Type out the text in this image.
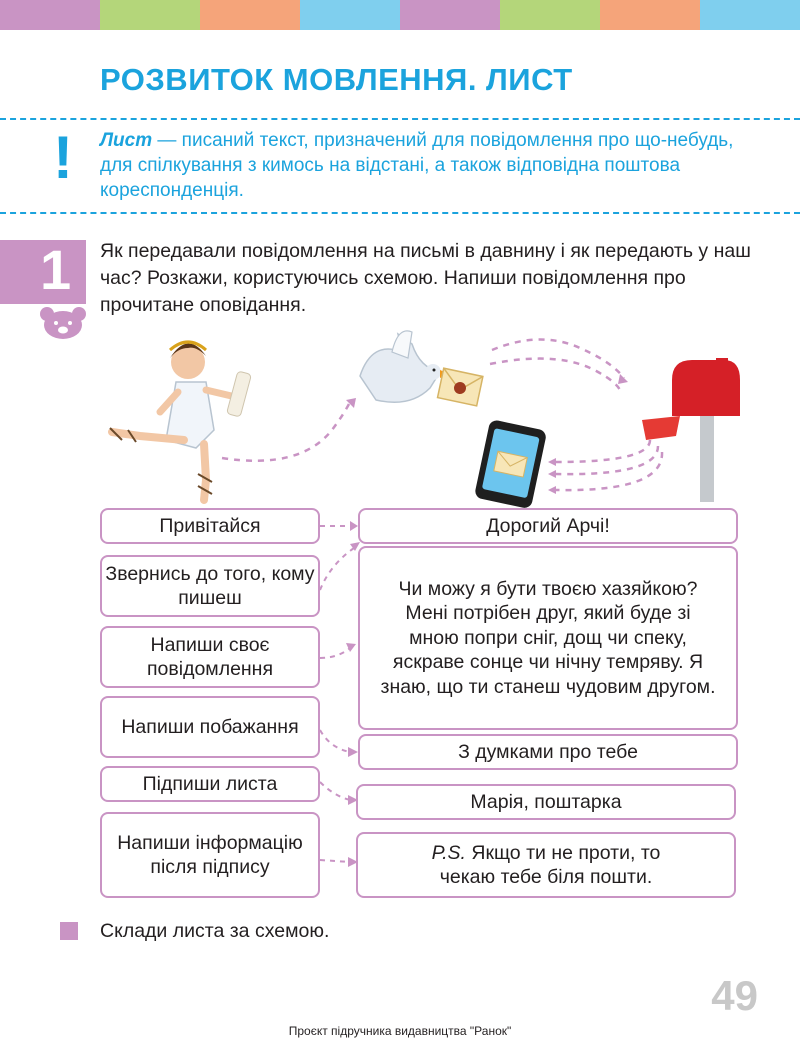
РОЗВИТОК МОВЛЕННЯ. ЛИСТ
! Лист — писаний текст, призначений для повідомлення про що-небудь, для спілкування з кимось на відстані, а також відповідна поштова кореспонденція.
1 Як передавали повідомлення на письмі в давнину і як передають у наш час? Розкажи, користуючись схемою. Напиши повідомлення про прочитане оповідання.
Привітайся
Звернись до того, кому пишеш
Напиши своє повідомлення
Напиши побажання
Підпиши листа
Напиши інформацію після підпису
Дорогий Арчі!
Чи можу я бути твоєю хазяйкою? Мені потрібен друг, який буде зі мною попри сніг, дощ чи спеку, яскраве сонце чи нічну темряву. Я знаю, що ти станеш чудовим другом.
З думками про тебе
Марія, поштарка
P.S. Якщо ти не проти, то чекаю тебе біля пошти.
Склади листа за схемою.
49
Проєкт підручника видавництва "Ранок"
